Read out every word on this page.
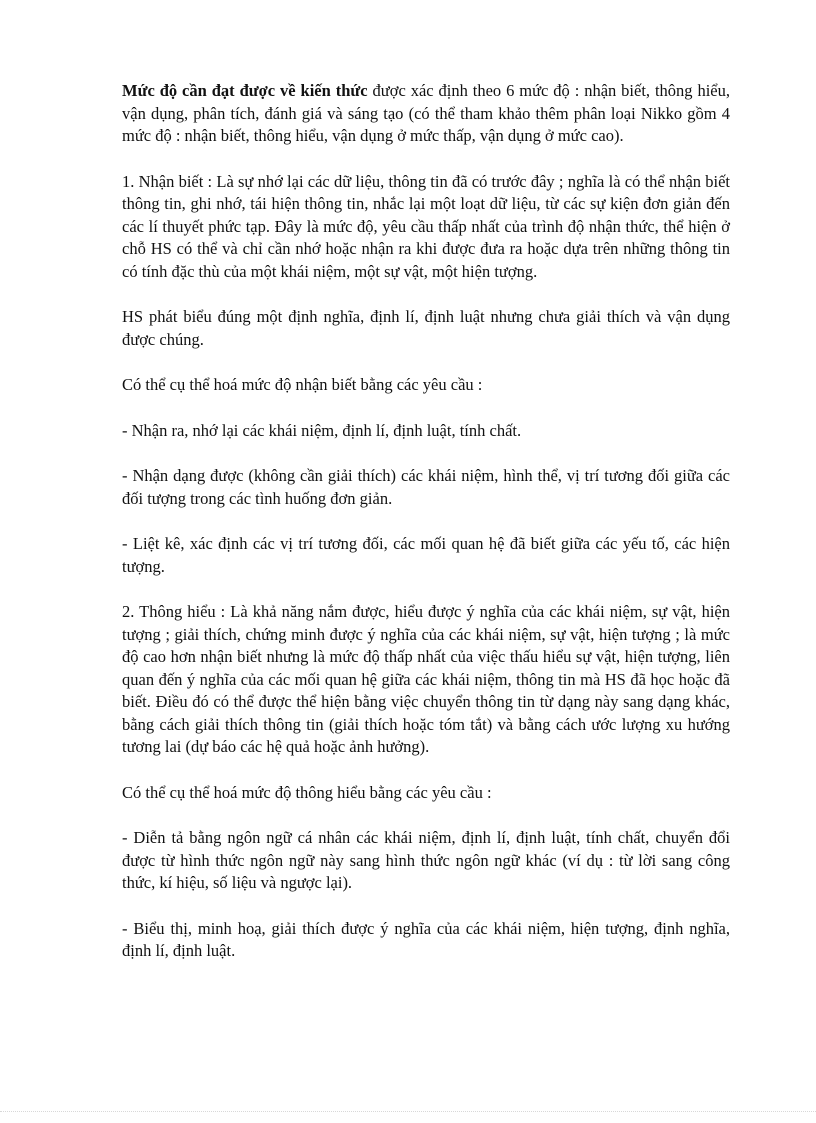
Mức độ cần đạt được về kiến thức được xác định theo 6 mức độ : nhận biết, thông hiểu, vận dụng, phân tích, đánh giá và sáng tạo (có thể tham khảo thêm phân loại Nikko gồm 4 mức độ : nhận biết, thông hiểu, vận dụng ở mức thấp, vận dụng ở mức cao).

1. Nhận biết : Là sự nhớ lại các dữ liệu, thông tin đã có trước đây ; nghĩa là có thể nhận biết thông tin, ghi nhớ, tái hiện thông tin, nhắc lại một loạt dữ liệu, từ các sự kiện đơn giản đến các lí thuyết phức tạp. Đây là mức độ, yêu cầu thấp nhất của trình độ nhận thức, thể hiện ở chỗ HS có thể và chỉ cần nhớ hoặc nhận ra khi được đưa ra hoặc dựa trên những thông tin có tính đặc thù của một khái niệm, một sự vật, một hiện tượng.

HS phát biểu đúng một định nghĩa, định lí, định luật nhưng chưa giải thích và vận dụng được chúng.

Có thể cụ thể hoá mức độ nhận biết bằng các yêu cầu :

- Nhận ra, nhớ lại các khái niệm, định lí, định luật, tính chất.

- Nhận dạng được (không cần giải thích) các khái niệm, hình thể, vị trí tương đối giữa các đối tượng trong các tình huống đơn giản.

- Liệt kê, xác định các vị trí tương đối, các mối quan hệ đã biết giữa các yếu tố, các hiện tượng.

2. Thông hiểu : Là khả năng nắm được, hiểu được ý nghĩa của các khái niệm, sự vật, hiện tượng ; giải thích, chứng minh được ý nghĩa của các khái niệm, sự vật, hiện tượng ; là mức độ cao hơn nhận biết nhưng là mức độ thấp nhất của việc thấu hiểu sự vật, hiện tượng, liên quan đến ý nghĩa của các mối quan hệ giữa các khái niệm, thông tin mà HS đã học hoặc đã biết. Điều đó có thể được thể hiện bằng việc chuyển thông tin từ dạng này sang dạng khác, bằng cách giải thích thông tin (giải thích hoặc tóm tắt) và bằng cách ước lượng xu hướng tương lai (dự báo các hệ quả hoặc ảnh hưởng).

Có thể cụ thể hoá mức độ thông hiểu bằng các yêu cầu :

- Diễn tả bằng ngôn ngữ cá nhân các khái niệm, định lí, định luật, tính chất, chuyển đổi được từ hình thức ngôn ngữ này sang hình thức ngôn ngữ khác (ví dụ : từ lời sang công thức, kí hiệu, số liệu và ngược lại).

- Biểu thị, minh hoạ, giải thích được ý nghĩa của các khái niệm, hiện tượng, định nghĩa, định lí, định luật.
